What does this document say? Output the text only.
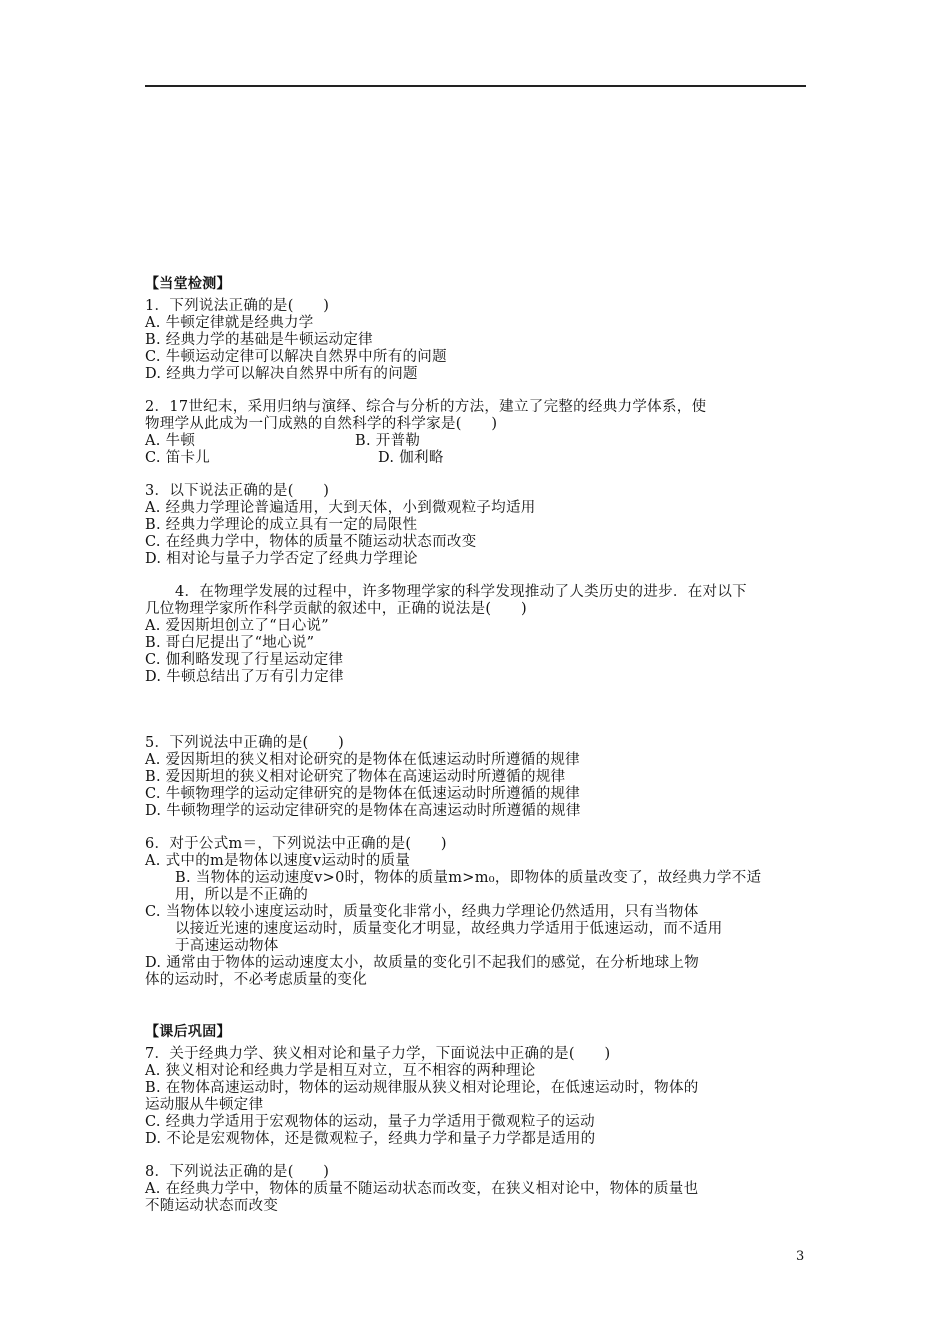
【当堂检测】
1．下列说法正确的是(　　)
A. 牛顿定律就是经典力学
B. 经典力学的基础是牛顿运动定律
C. 牛顿运动定律可以解决自然界中所有的问题
D. 经典力学可以解决自然界中所有的问题
2．17世纪末，采用归纳与演绎、综合与分析的方法，建立了完整的经典力学体系，使
物理学从此成为一门成熟的自然科学的科学家是(　　)
A. 牛顿	B. 开普勒
C. 笛卡儿	D. 伽利略
3．以下说法正确的是(　　)
A. 经典力学理论普遍适用，大到天体，小到微观粒子均适用
B. 经典力学理论的成立具有一定的局限性
C. 在经典力学中，物体的质量不随运动状态而改变
D. 相对论与量子力学否定了经典力学理论
4．在物理学发展的过程中，许多物理学家的科学发现推动了人类历史的进步．在对以下
几位物理学家所作科学贡献的叙述中，正确的说法是(　　)
A. 爱因斯坦创立了“日心说”
B. 哥白尼提出了“地心说”
C. 伽利略发现了行星运动定律
D. 牛顿总结出了万有引力定律
5．下列说法中正确的是(　　)
A. 爱因斯坦的狭义相对论研究的是物体在低速运动时所遵循的规律
B. 爱因斯坦的狭义相对论研究了物体在高速运动时所遵循的规律
C. 牛顿物理学的运动定律研究的是物体在低速运动时所遵循的规律
D. 牛顿物理学的运动定律研究的是物体在高速运动时所遵循的规律
6．对于公式m＝，下列说法中正确的是(　　)
A. 式中的m是物体以速度v运动时的质量
B. 当物体的运动速度v>0时，物体的质量m>m₀，即物体的质量改变了，故经典力学不适
用，所以是不正确的
C. 当物体以较小速度运动时，质量变化非常小，经典力学理论仍然适用，只有当物体
以接近光速的速度运动时，质量变化才明显，故经典力学适用于低速运动，而不适用
于高速运动物体
D. 通常由于物体的运动速度太小，故质量的变化引不起我们的感觉，在分析地球上物
体的运动时，不必考虑质量的变化
【课后巩固】
7．关于经典力学、狭义相对论和量子力学，下面说法中正确的是(　　)
A. 狭义相对论和经典力学是相互对立，互不相容的两种理论
B. 在物体高速运动时，物体的运动规律服从狭义相对论理论，在低速运动时，物体的
运动服从牛顿定律
C. 经典力学适用于宏观物体的运动，量子力学适用于微观粒子的运动
D. 不论是宏观物体，还是微观粒子，经典力学和量子力学都是适用的
8．下列说法正确的是(　　)
A. 在经典力学中，物体的质量不随运动状态而改变，在狭义相对论中，物体的质量也
不随运动状态而改变
3
